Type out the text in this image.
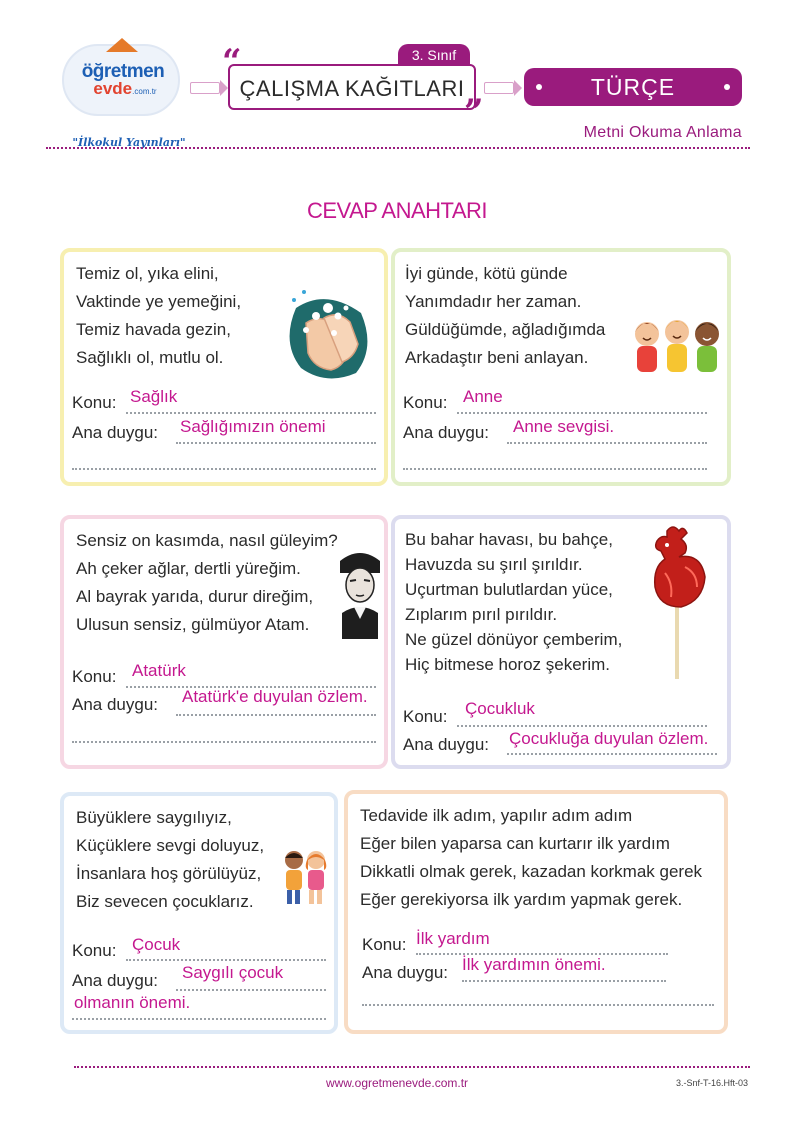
öğretmen
evde.com.tr
"İlkokul Yayınları"
“	3. Sınıf
ÇALIŞMA KAĞITLARI
”
TÜRÇE
Metni Okuma Anlama
CEVAP ANAHTARI
Temiz ol, yıka elini,
Vaktinde ye yemeğini,
Temiz havada gezin,
Sağlıklı ol, mutlu ol.
Konu: Sağlık
Ana duygu: Sağlığımızın önemi
İyi günde, kötü günde
Yanımdadır her zaman.
Güldüğümde, ağladığımda
Arkadaştır beni anlayan.
Konu: Anne
Ana duygu: Anne sevgisi.
Sensiz on kasımda, nasıl güleyim?
Ah çeker ağlar, dertli yüreğim.
Al bayrak yarıda, durur direğim,
Ulusun sensiz, gülmüyor Atam.
Konu: Atatürk
Ana duygu: Atatürk'e duyulan özlem.
Bu bahar havası, bu bahçe,
Havuzda su şırıl şırıldır.
Uçurtman bulutlardan yüce,
Zıplarım pırıl pırıldır.
Ne güzel dönüyor çemberim,
Hiç bitmese horoz şekerim.
Konu: Çocukluk
Ana duygu: Çocukluğa duyulan özlem.
Büyüklere saygılıyız,
Küçüklere sevgi doluyuz,
İnsanlara hoş görülüyüz,
Biz sevecen çocuklarız.
Konu: Çocuk
Ana duygu: Saygılı çocuk
olmanın önemi.
Tedavide ilk adım, yapılır adım adım
Eğer bilen yaparsa can kurtarır ilk yardım
Dikkatli olmak gerek, kazadan korkmak gerek
Eğer gerekiyorsa ilk yardım yapmak gerek.
Konu: İlk yardım
Ana duygu: İlk yardımın önemi.
www.ogretmenevde.com.tr	3.-Snf-T-16.Hft-03
